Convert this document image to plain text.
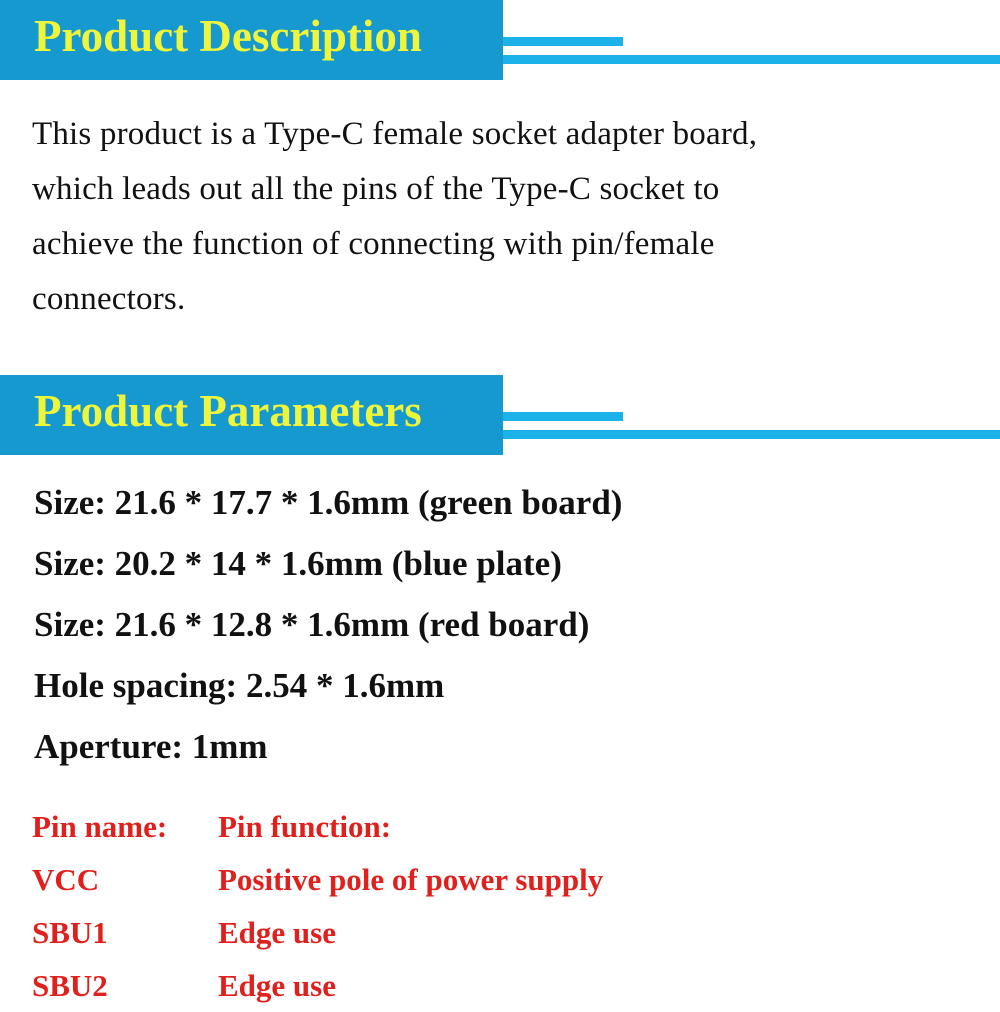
Product Description
This product is a Type-C female socket adapter board,
which leads out all the pins of the Type-C socket to
achieve the function of connecting with pin/female
connectors.
Product Parameters
Size: 21.6 * 17.7 * 1.6mm (green board)
Size: 20.2 * 14 * 1.6mm (blue plate)
Size: 21.6 * 12.8 * 1.6mm (red board)
Hole spacing: 2.54 * 1.6mm
Aperture: 1mm
Pin name: Pin function:
VCC	Positive pole of power supply
SBU1	Edge use
SBU2	Edge use
